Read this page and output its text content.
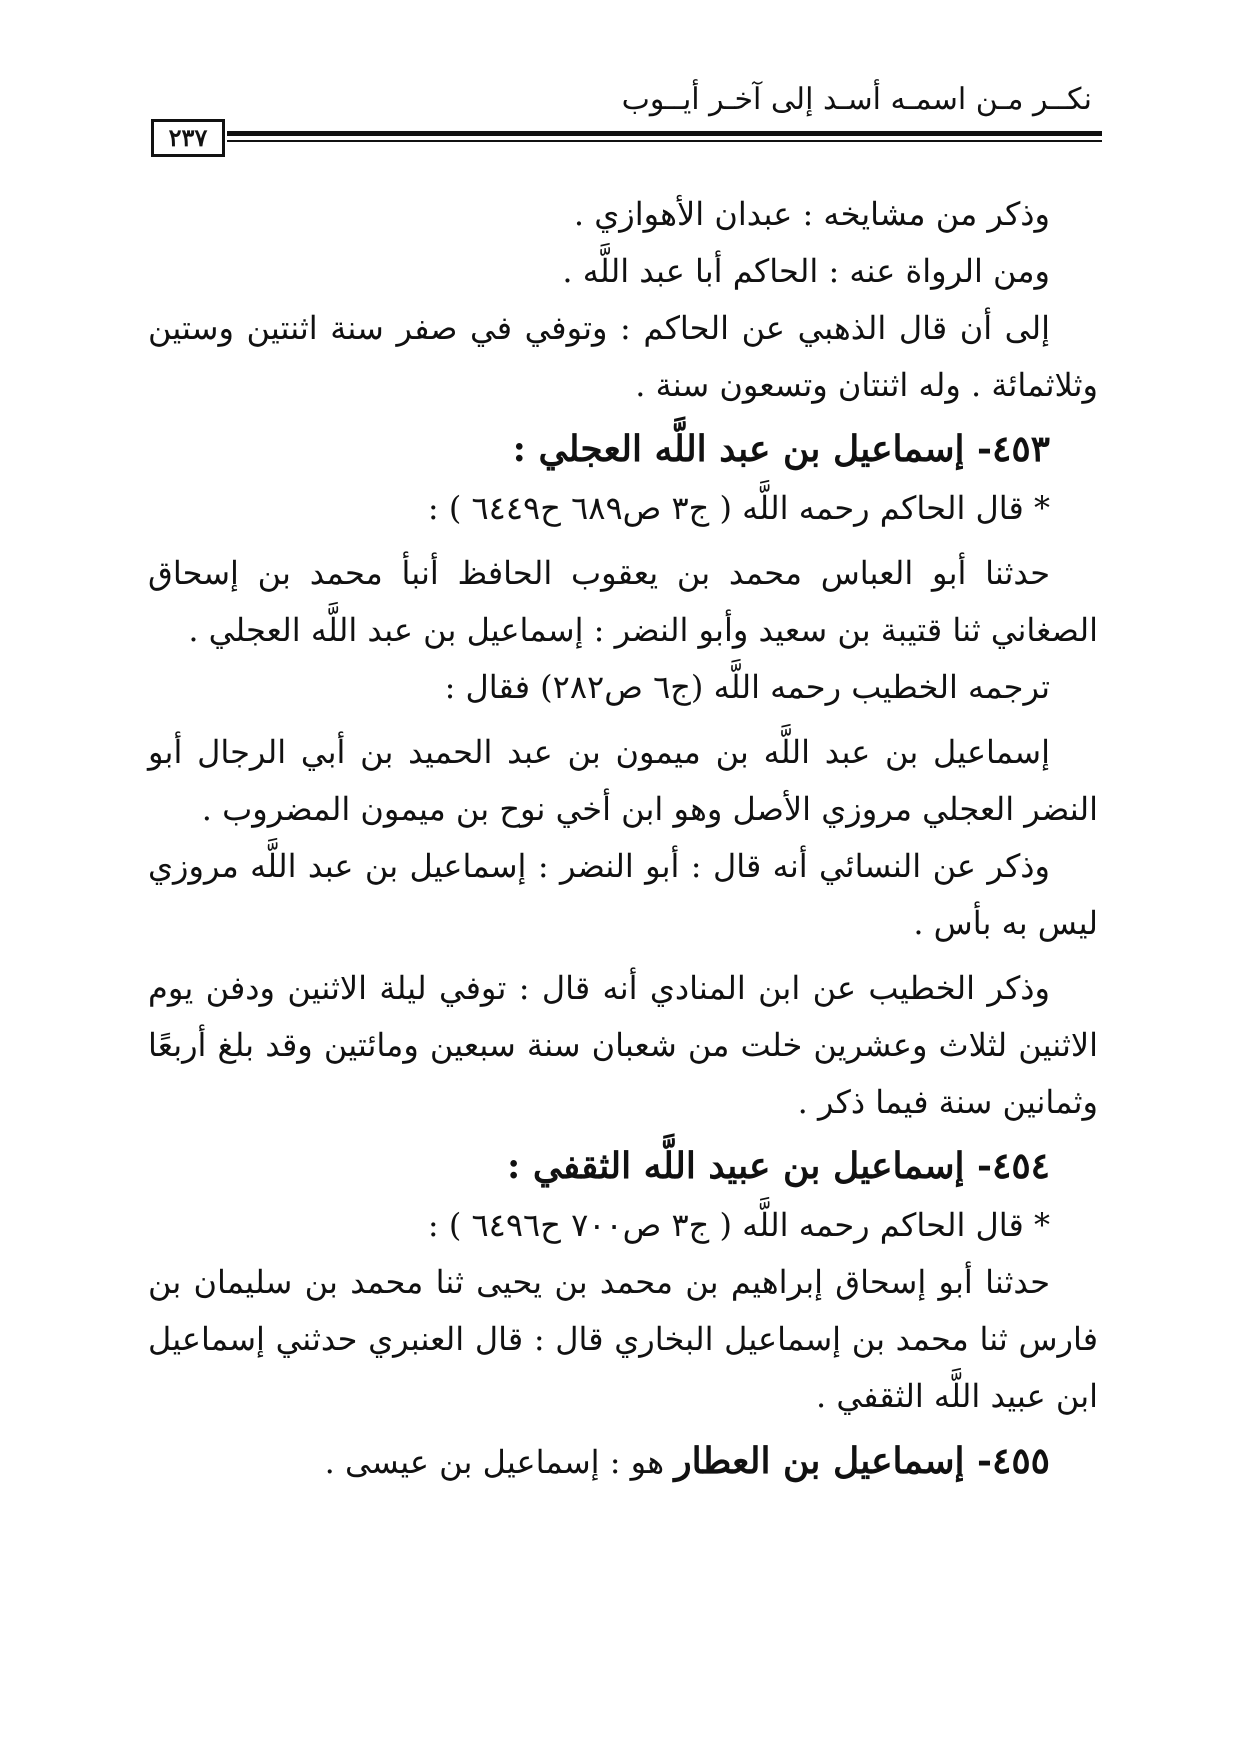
نكــر مـن اسمـه أسـد إلى آخـر أيــوب
٢٣٧

وذكر من مشايخه : عبدان الأهوازي .

ومن الرواة عنه : الحاكم أبا عبد اللَّه .

إلى أن قال الذهبي عن الحاكم : وتوفي في صفر سنة اثنتين وستين وثلاثمائة . وله اثنتان وتسعون سنة .

٤٥٣- إسماعيل بن عبد اللَّه العجلي :

* قال الحاكم رحمه اللَّه ( ج٣ ص٦٨٩ ح٦٤٤٩ ) :

حدثنا أبو العباس محمد بن يعقوب الحافظ أنبأ محمد بن إسحاق الصغاني ثنا قتيبة بن سعيد وأبو النضر : إسماعيل بن عبد اللَّه العجلي .

ترجمه الخطيب رحمه اللَّه (ج٦ ص٢٨٢) فقال :

إسماعيل بن عبد اللَّه بن ميمون بن عبد الحميد بن أبي الرجال أبو النضر العجلي مروزي الأصل وهو ابن أخي نوح بن ميمون المضروب .

وذكر عن النسائي أنه قال : أبو النضر : إسماعيل بن عبد اللَّه مروزي ليس به بأس .

وذكر الخطيب عن ابن المنادي أنه قال : توفي ليلة الاثنين ودفن يوم الاثنين لثلاث وعشرين خلت من شعبان سنة سبعين ومائتين وقد بلغ أربعًا وثمانين سنة فيما ذكر .

٤٥٤- إسماعيل بن عبيد اللَّه الثقفي :

* قال الحاكم رحمه اللَّه ( ج٣ ص٧٠٠ ح٦٤٩٦ ) :

حدثنا أبو إسحاق إبراهيم بن محمد بن يحيى ثنا محمد بن سليمان بن فارس ثنا محمد بن إسماعيل البخاري قال : قال العنبري حدثني إسماعيل ابن عبيد اللَّه الثقفي .

٤٥٥- إسماعيل بن العطار هو : إسماعيل بن عيسى .
